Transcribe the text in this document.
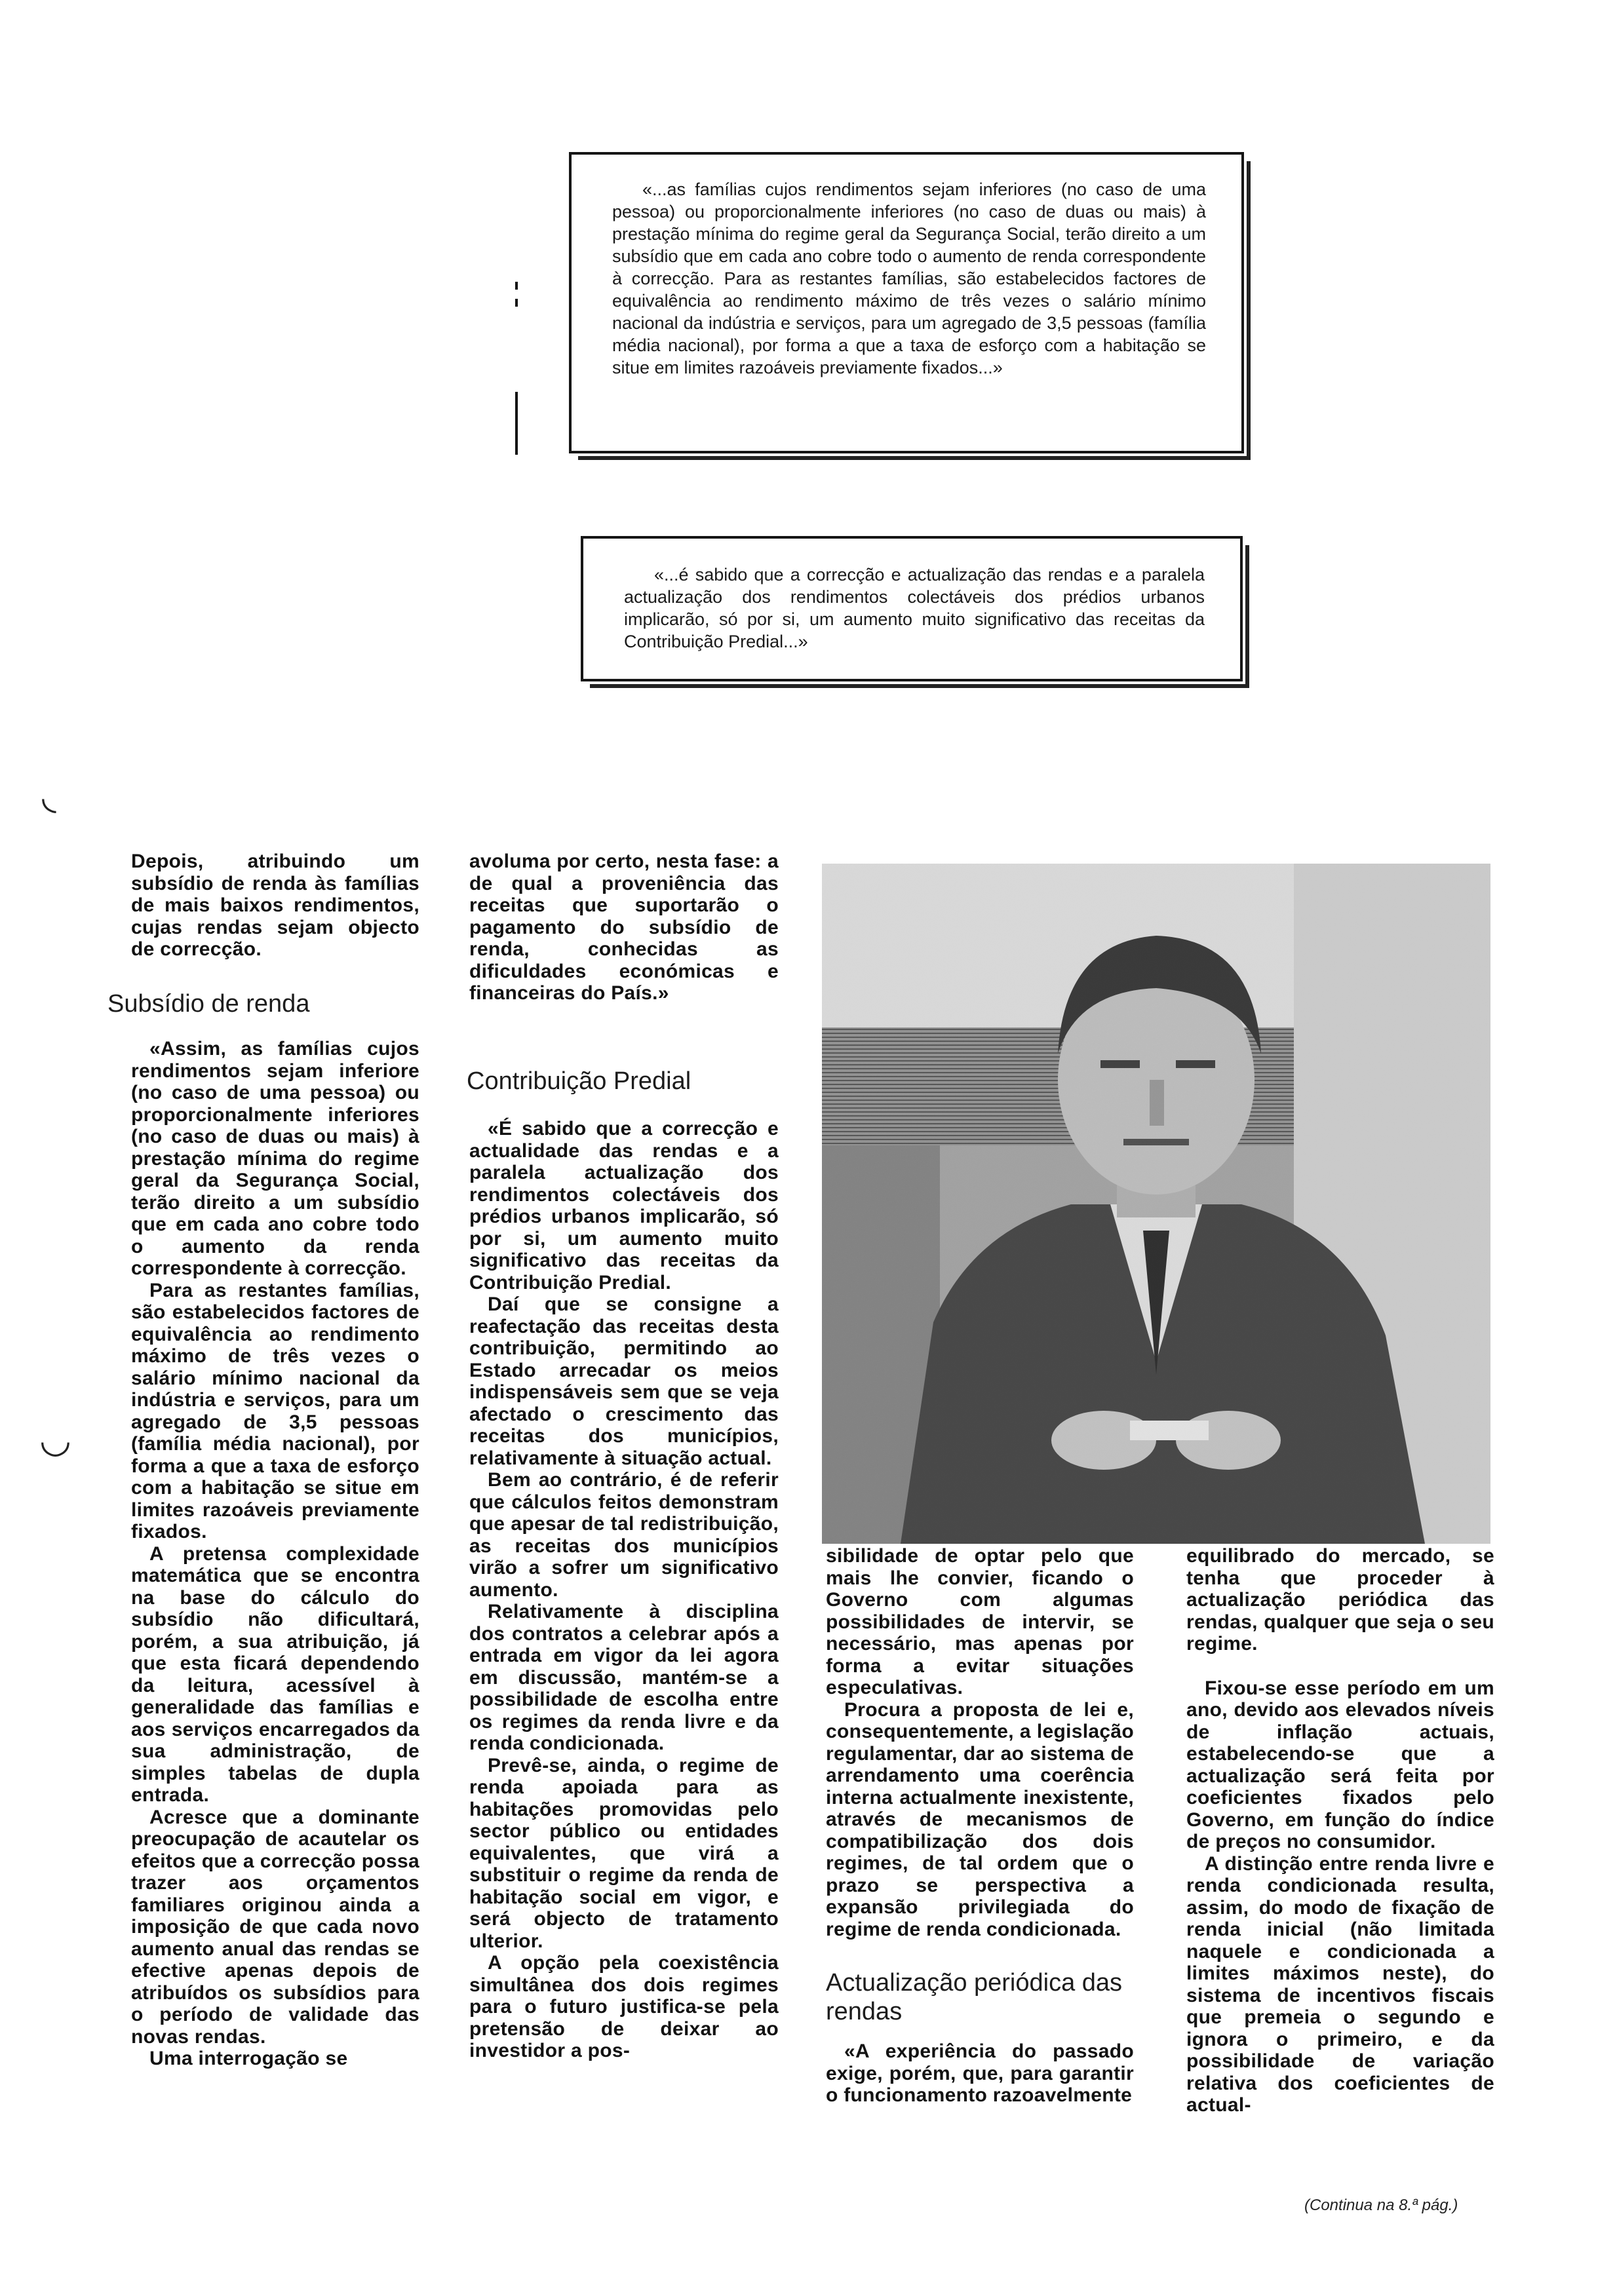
◟
◡

«...as famílias cujos rendimentos sejam inferiores (no caso de uma pessoa) ou proporcionalmente inferiores (no caso de duas ou mais) à prestação mínima do regime geral da Segurança Social, terão direito a um subsídio que em cada ano cobre todo o aumento de renda correspondente à correcção. Para as restantes famílias, são estabelecidos factores de equivalência ao rendimento máximo de três vezes o salário mínimo nacional da indústria e serviços, para um agregado de 3,5 pessoas (família média nacional), por forma a que a taxa de esforço com a habitação se situe em limites razoáveis previamente fixados...»

«...é sabido que a correcção e actualização das rendas e a paralela actualização dos rendimentos colectáveis dos prédios urbanos implicarão, só por si, um aumento muito significativo das receitas da Contribuição Predial...»

Depois, atribuindo um subsídio de renda às famílias de mais baixos rendimentos, cujas rendas sejam objecto de correcção.

Subsídio de renda

«Assim, as famílias cujos rendimentos sejam inferiore (no caso de uma pessoa) ou proporcionalmente inferiores (no caso de duas ou mais) à prestação mínima do regime geral da Segurança Social, terão direito a um subsídio que em cada ano cobre todo o aumento da renda correspondente à correcção.

Para as restantes famílias, são estabelecidos factores de equivalência ao rendimento máximo de três vezes o salário mínimo nacional da indústria e serviços, para um agregado de 3,5 pessoas (família média nacional), por forma a que a taxa de esforço com a habitação se situe em limites razoáveis previamente fixados.

A pretensa complexidade matemática que se encontra na base do cálculo do subsídio não dificultará, porém, a sua atribuição, já que esta ficará dependendo da leitura, acessível à generalidade das famílias e aos serviços encarregados da sua administração, de simples tabelas de dupla entrada.

Acresce que a dominante preocupação de acautelar os efeitos que a correcção possa trazer aos orçamentos familiares originou ainda a imposição de que cada novo aumento anual das rendas se efective apenas depois de atribuídos os subsídios para o período de validade das novas rendas.

Uma interrogação se

avoluma por certo, nesta fase: a de qual a proveniência das receitas que suportarão o pagamento do subsídio de renda, conhecidas as dificuldades económicas e financeiras do País.»

Contribuição Predial

«É sabido que a correcção e actualidade das rendas e a paralela actualização dos rendimentos colectáveis dos prédios urbanos implicarão, só por si, um aumento muito significativo das receitas da Contribuição Predial.

Daí que se consigne a reafectação das receitas desta contribuição, permitindo ao Estado arrecadar os meios indispensáveis sem que se veja afectado o crescimento das receitas dos municípios, relativamente à situação actual.

Bem ao contrário, é de referir que cálculos feitos demonstram que apesar de tal redistribuição, as receitas dos municípios virão a sofrer um significativo aumento.

Relativamente à disciplina dos contratos a celebrar após a entrada em vigor da lei agora em discussão, mantém-se a possibilidade de escolha entre os regimes da renda livre e da renda condicionada.

Prevê-se, ainda, o regime de renda apoiada para as habitações promovidas pelo sector público ou entidades equivalentes, que virá a substituir o regime da renda de habitação social em vigor, e será objecto de tratamento ulterior.

A opção pela coexistência simultânea dos dois regimes para o futuro justifica-se pela pretensão de deixar ao investidor a pos-

sibilidade de optar pelo que mais lhe convier, ficando o Governo com algumas possibilidades de intervir, se necessário, mas apenas por forma a evitar situações especulativas.

Procura a proposta de lei e, consequentemente, a legislação regulamentar, dar ao sistema de arrendamento uma coerência interna actualmente inexistente, através de mecanismos de compatibilização dos dois regimes, de tal ordem que o prazo se perspectiva a expansão privilegiada do regime de renda condicionada.

Actualização periódica das rendas

«A experiência do passado exige, porém, que, para garantir o funcionamento razoavelmente

equilibrado do mercado, se tenha que proceder à actualização periódica das rendas, qualquer que seja o seu regime.

Fixou-se esse período em um ano, devido aos elevados níveis de inflação actuais, estabelecendo-se que a actualização será feita por coeficientes fixados pelo Governo, em função do índice de preços no consumidor.

A distinção entre renda livre e renda condicionada resulta, assim, do modo de fixação de renda inicial (não limitada naquele e condicionada a limites máximos neste), do sistema de incentivos fiscais que premeia o segundo e ignora o primeiro, e da possibilidade de variação relativa dos coeficientes de actual-

(Continua na 8.ª pág.)
